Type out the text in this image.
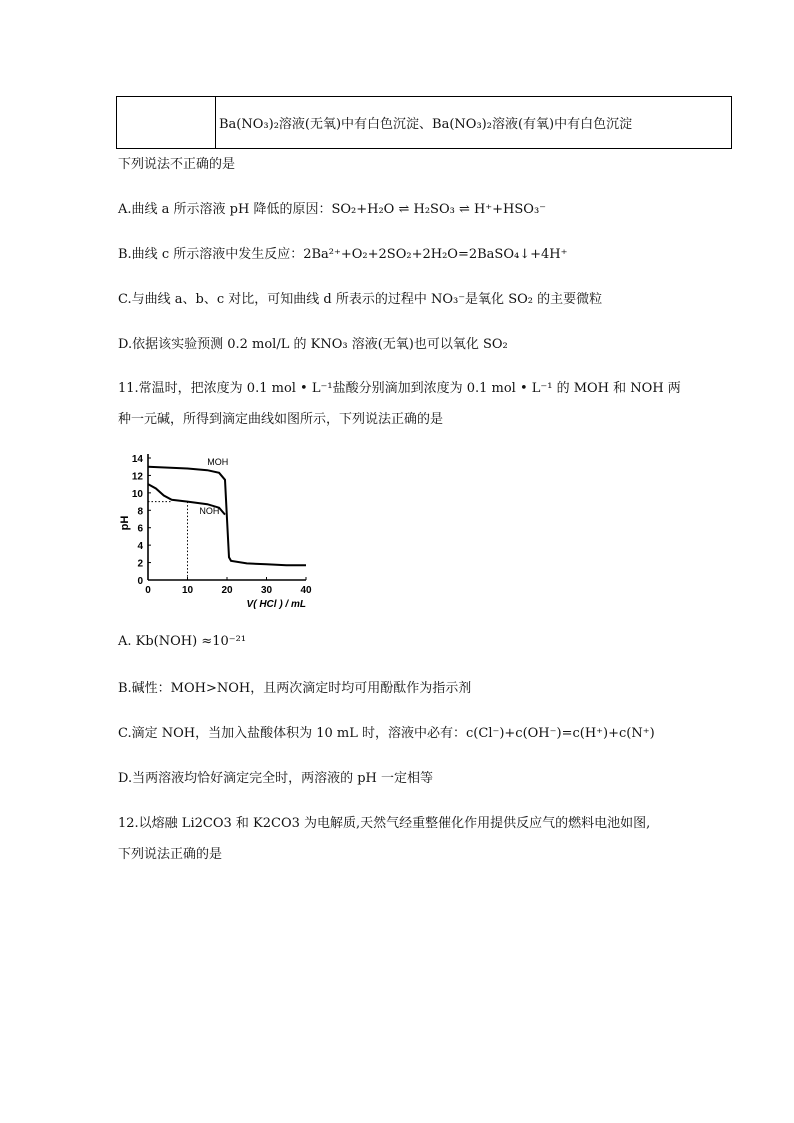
	Ba(NO₃)₂溶液(无氧)中有白色沉淀、Ba(NO₃)₂溶液(有氧)中有白色沉淀
下列说法不正确的是
A.曲线 a 所示溶液 pH 降低的原因：SO₂+H₂O ⇌ H₂SO₃ ⇌ H⁺+HSO₃⁻
B.曲线 c 所示溶液中发生反应：2Ba²⁺+O₂+2SO₂+2H₂O=2BaSO₄↓+4H⁺
C.与曲线 a、b、c 对比，可知曲线 d 所表示的过程中 NO₃⁻是氧化 SO₂ 的主要微粒
D.依据该实验预测 0.2 mol/L 的 KNO₃ 溶液(无氧)也可以氧化 SO₂
11.常温时，把浓度为 0.1 mol • L⁻¹盐酸分别滴加到浓度为 0.1 mol • L⁻¹ 的 MOH 和 NOH 两
种一元碱，所得到滴定曲线如图所示，下列说法正确的是
0
2
4
6
8
10
12
14
0	10	20	30	40
pH
V( HCl ) / mL
MOH
NOH
A. Kb(NOH) ≈10⁻²¹
B.碱性：MOH>NOH，且两次滴定时均可用酚酞作为指示剂
C.滴定 NOH，当加入盐酸体积为 10 mL 时，溶液中必有：c(Cl⁻)+c(OH⁻)=c(H⁺)+c(N⁺)
D.当两溶液均恰好滴定完全时，两溶液的 pH 一定相等
12.以熔融 Li2CO3 和 K2CO3 为电解质,天然气经重整催化作用提供反应气的燃料电池如图,
下列说法正确的是
